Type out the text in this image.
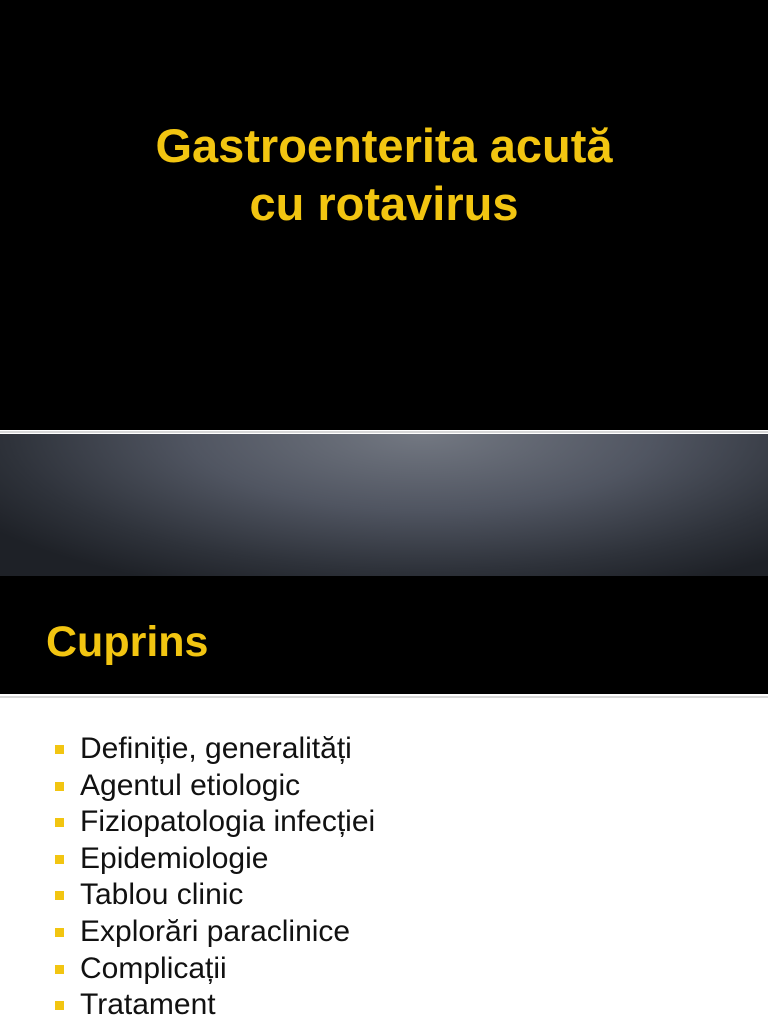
Gastroenterita acută
cu rotavirus
Cuprins
Definiție, generalități
Agentul etiologic
Fiziopatologia infecției
Epidemiologie
Tablou clinic
Explorări paraclinice
Complicații
Tratament
